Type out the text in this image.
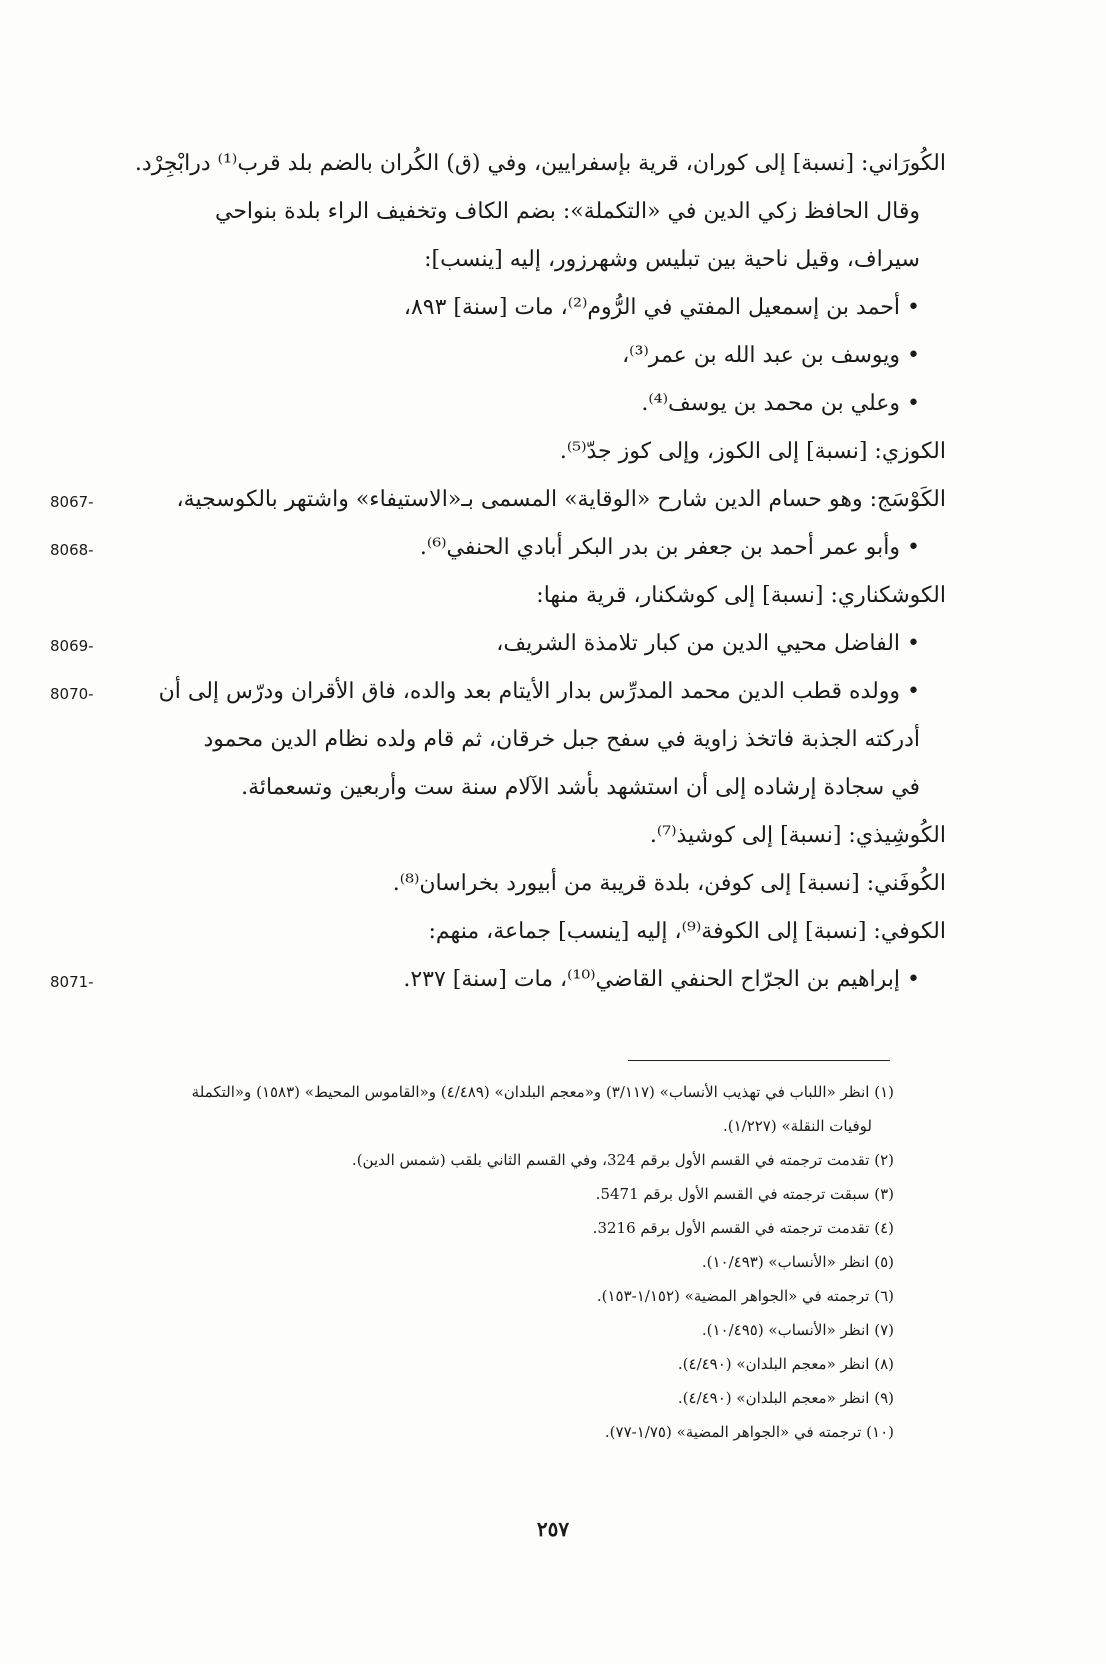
الكُورَاني: [نسبة] إلى كوران، قرية بإسفرايين، وفي (ق) الكُران بالضم بلد قرب⁽¹⁾ درابْجِرْد.
وقال الحافظ زكي الدين في «التكملة»: بضم الكاف وتخفيف الراء بلدة بنواحي
سيراف، وقيل ناحية بين تبليس وشهرزور، إليه [ينسب]:
• أحمد بن إسمعيل المفتي في الرُّوم⁽²⁾، مات [سنة] ٨٩٣،
• ويوسف بن عبد الله بن عمر⁽³⁾،
• وعلي بن محمد بن يوسف⁽⁴⁾.
الكوزي: [نسبة] إلى الكوز، وإلى كوز جدّ⁽⁵⁾.
8067-	الكَوْسَج: وهو حسام الدين شارح «الوقاية» المسمى بـ«الاستيفاء» واشتهر بالكوسجية،
8068-	• وأبو عمر أحمد بن جعفر بن بدر البكر أبادي الحنفي⁽⁶⁾.
الكوشكناري: [نسبة] إلى كوشكنار، قرية منها:
8069-	• الفاضل محيي الدين من كبار تلامذة الشريف،
8070-	• وولده قطب الدين محمد المدرِّس بدار الأيتام بعد والده، فاق الأقران ودرّس إلى أن
أدركته الجذبة فاتخذ زاوية في سفح جبل خرقان، ثم قام ولده نظام الدين محمود
في سجادة إرشاده إلى أن استشهد بأشد الآلام سنة ست وأربعين وتسعمائة.
الكُوشِيذي: [نسبة] إلى كوشيذ⁽⁷⁾.
الكُوفَني: [نسبة] إلى كوفن، بلدة قريبة من أبيورد بخراسان⁽⁸⁾.
الكوفي: [نسبة] إلى الكوفة⁽⁹⁾، إليه [ينسب] جماعة، منهم:
8071-	• إبراهيم بن الجرّاح الحنفي القاضي⁽¹⁰⁾، مات [سنة] ٢٣٧.
(١) انظر «اللباب في تهذيب الأنساب» (٣/١١٧) و«معجم البلدان» (٤/٤٨٩) و«القاموس المحيط» (١٥٨٣) و«التكملة
لوفيات النقلة» (١/٢٢٧).
(٢) تقدمت ترجمته في القسم الأول برقم 324، وفي القسم الثاني بلقب (شمس الدين).
(٣) سبقت ترجمته في القسم الأول برقم 5471.
(٤) تقدمت ترجمته في القسم الأول برقم 3216.
(٥) انظر «الأنساب» (١٠/٤٩٣).
(٦) ترجمته في «الجواهر المضية» (١/١٥٢-١٥٣).
(٧) انظر «الأنساب» (١٠/٤٩٥).
(٨) انظر «معجم البلدان» (٤/٤٩٠).
(٩) انظر «معجم البلدان» (٤/٤٩٠).
(١٠) ترجمته في «الجواهر المضية» (١/٧٥-٧٧).
٢٥٧
